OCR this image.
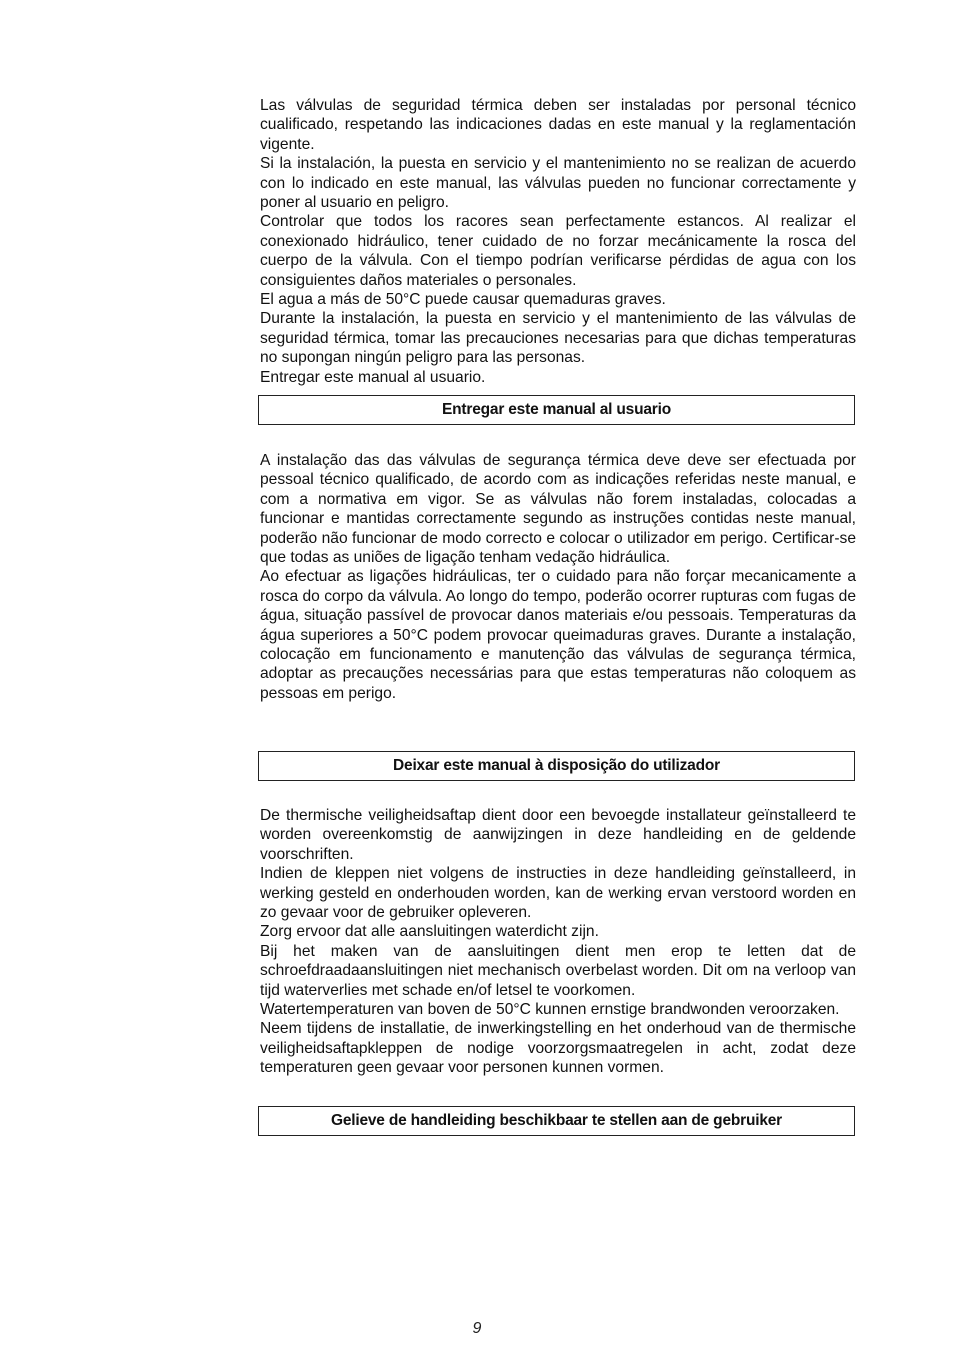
Las válvulas de seguridad térmica deben ser instaladas por personal técnico cualificado, respetando las indicaciones dadas en este manual y la reglamentación vigente.

Si la instalación, la puesta en servicio y el mantenimiento no se realizan de acuerdo con lo indicado en este manual, las válvulas pueden no funcionar correctamente y poner al usuario en peligro.

Controlar que todos los racores sean perfectamente estancos. Al realizar el conexionado hidráulico, tener cuidado de no forzar mecánicamente la rosca del cuerpo de la válvula. Con el tiempo podrían verificarse pérdidas de agua con los consiguientes daños materiales o personales.

El agua a más de 50°C puede causar quemaduras graves.

Durante la instalación, la puesta en servicio y el mantenimiento de las válvulas de seguridad térmica, tomar las precauciones necesarias para que dichas temperaturas no supongan ningún peligro para las personas.

Entregar este manual al usuario.

Entregar este manual al usuario

A instalação das das válvulas de segurança térmica deve deve ser efectuada por pessoal técnico qualificado, de acordo com as indicações referidas neste manual, e com a normativa em vigor. Se as válvulas não forem instaladas, colocadas a funcionar e mantidas correctamente segundo as instruções contidas neste manual, poderão não funcionar de modo correcto e colocar o utilizador em perigo. Certificar-se que todas as uniões de ligação tenham vedação hidráulica.

Ao efectuar as ligações hidráulicas, ter o cuidado para não forçar mecanicamente a rosca do corpo da válvula. Ao longo do tempo, poderão ocorrer rupturas com fugas de água, situação passível de provocar danos materiais e/ou pessoais. Temperaturas da água superiores a 50°C podem provocar queimaduras graves. Durante a instalação, colocação em funcionamento e manutenção das válvulas de segurança térmica, adoptar as precauções necessárias para que estas temperaturas não coloquem as pessoas em perigo.

Deixar este manual à disposição do utilizador

De thermische veiligheidsaftap dient door een bevoegde installateur geïnstalleerd te worden overeenkomstig de aanwijzingen in deze handleiding en de geldende voorschriften.

Indien de kleppen niet volgens de instructies in deze handleiding geïnstalleerd, in werking gesteld en onderhouden worden, kan de werking ervan verstoord worden en zo gevaar voor de gebruiker opleveren.

Zorg ervoor dat alle aansluitingen waterdicht zijn.

Bij het maken van de aansluitingen dient men erop te letten dat de schroefdraadaansluitingen niet mechanisch overbelast worden. Dit om na verloop van tijd waterverlies met schade en/of letsel te voorkomen.

Watertemperaturen van boven de 50°C kunnen ernstige brandwonden veroorzaken.

Neem tijdens de installatie, de inwerkingstelling en het onderhoud van de thermische veiligheidsaftapkleppen de nodige voorzorgsmaatregelen in acht, zodat deze temperaturen geen gevaar voor personen kunnen vormen.

Gelieve de handleiding beschikbaar te stellen aan de gebruiker
9
